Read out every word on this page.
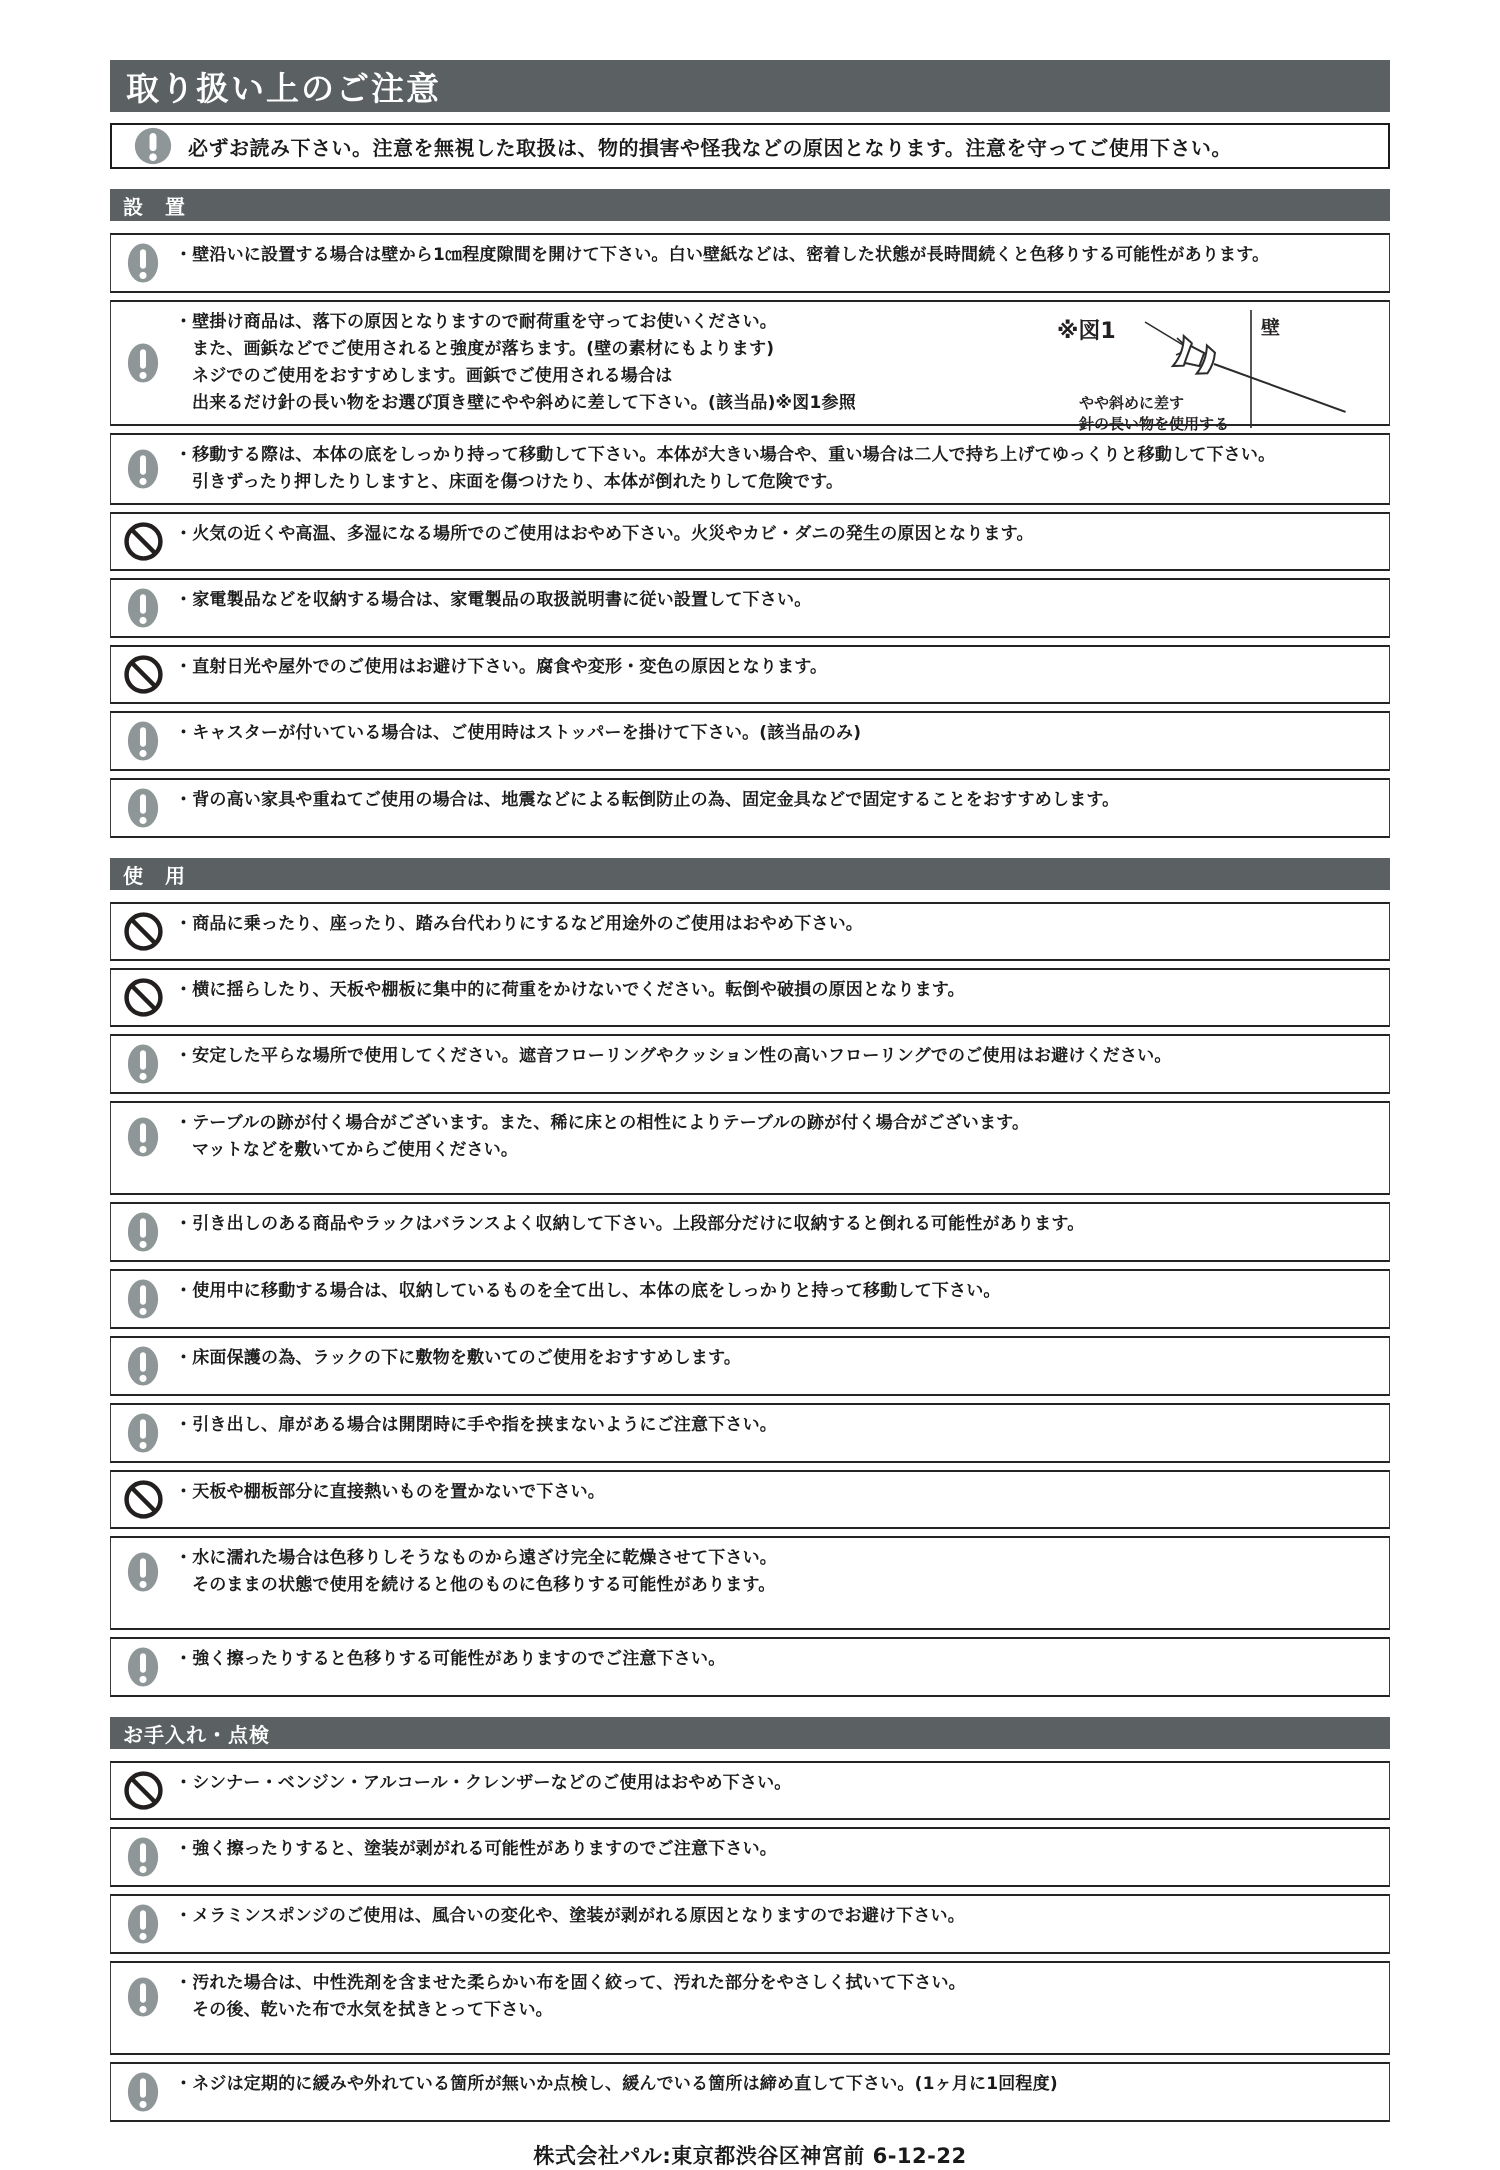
取り扱い上のご注意
必ずお読み下さい。注意を無視した取扱は、物的損害や怪我などの原因となります。注意を守ってご使用下さい。
設　置
・壁沿いに設置する場合は壁から1㎝程度隙間を開けて下さい。白い壁紙などは、密着した状態が長時間続くと色移りする可能性があります。
・壁掛け商品は、落下の原因となりますので耐荷重を守ってお使いください。
また、画鋲などでご使用されると強度が落ちます。(壁の素材にもよります)
ネジでのご使用をおすすめします。画鋲でご使用される場合は
出来るだけ針の長い物をお選び頂き壁にやや斜めに差して下さい。(該当品)※図1参照
※図1	壁
やや斜めに差す
針の長い物を使用する
・移動する際は、本体の底をしっかり持って移動して下さい。本体が大きい場合や、重い場合は二人で持ち上げてゆっくりと移動して下さい。
引きずったり押したりしますと、床面を傷つけたり、本体が倒れたりして危険です。
・火気の近くや高温、多湿になる場所でのご使用はおやめ下さい。火災やカビ・ダニの発生の原因となります。
・家電製品などを収納する場合は、家電製品の取扱説明書に従い設置して下さい。
・直射日光や屋外でのご使用はお避け下さい。腐食や変形・変色の原因となります。
・キャスターが付いている場合は、ご使用時はストッパーを掛けて下さい。(該当品のみ)
・背の高い家具や重ねてご使用の場合は、地震などによる転倒防止の為、固定金具などで固定することをおすすめします。
使　用
・商品に乗ったり、座ったり、踏み台代わりにするなど用途外のご使用はおやめ下さい。
・横に揺らしたり、天板や棚板に集中的に荷重をかけないでください。転倒や破損の原因となります。
・安定した平らな場所で使用してください。遮音フローリングやクッション性の高いフローリングでのご使用はお避けください。
・テーブルの跡が付く場合がございます。また、稀に床との相性によりテーブルの跡が付く場合がございます。
マットなどを敷いてからご使用ください。
・引き出しのある商品やラックはバランスよく収納して下さい。上段部分だけに収納すると倒れる可能性があります。
・使用中に移動する場合は、収納しているものを全て出し、本体の底をしっかりと持って移動して下さい。
・床面保護の為、ラックの下に敷物を敷いてのご使用をおすすめします。
・引き出し、扉がある場合は開閉時に手や指を挟まないようにご注意下さい。
・天板や棚板部分に直接熱いものを置かないで下さい。
・水に濡れた場合は色移りしそうなものから遠ざけ完全に乾燥させて下さい。
そのままの状態で使用を続けると他のものに色移りする可能性があります。
・強く擦ったりすると色移りする可能性がありますのでご注意下さい。
お手入れ・点検
・シンナー・ベンジン・アルコール・クレンザーなどのご使用はおやめ下さい。
・強く擦ったりすると、塗装が剥がれる可能性がありますのでご注意下さい。
・メラミンスポンジのご使用は、風合いの変化や、塗装が剥がれる原因となりますのでお避け下さい。
・汚れた場合は、中性洗剤を含ませた柔らかい布を固く絞って、汚れた部分をやさしく拭いて下さい。
その後、乾いた布で水気を拭きとって下さい。
・ネジは定期的に緩みや外れている箇所が無いか点検し、緩んでいる箇所は締め直して下さい。(1ヶ月に1回程度)
株式会社パル:東京都渋谷区神宮前 6-12-22
